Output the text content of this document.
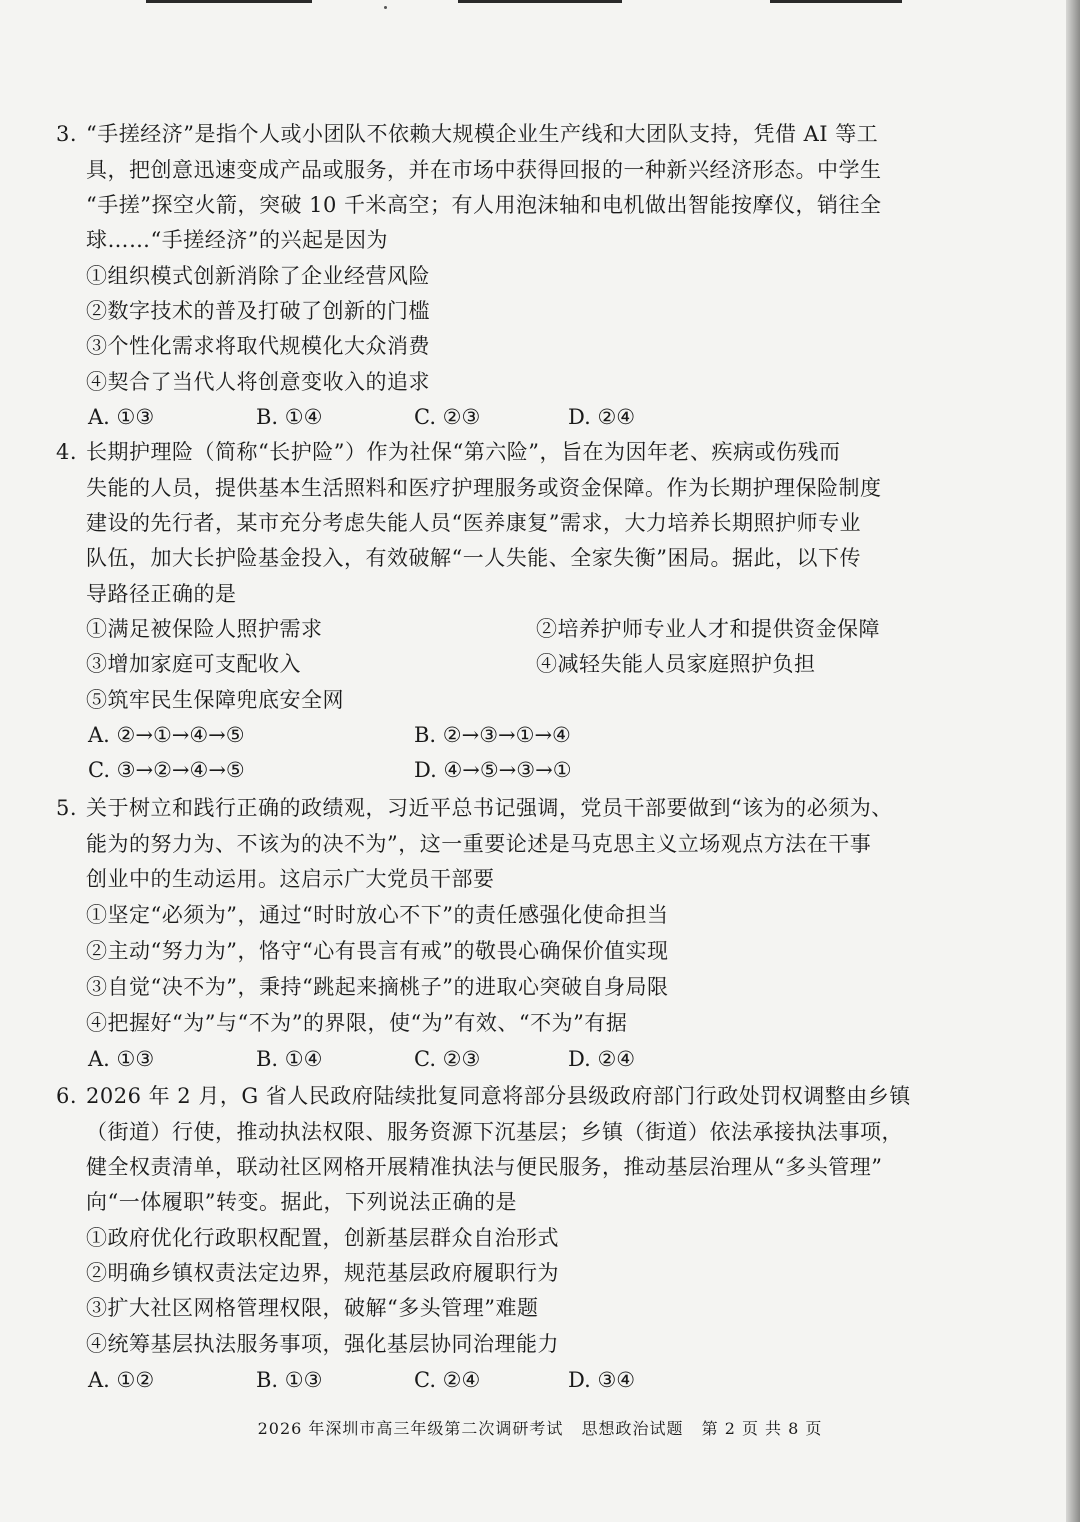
3. “手搓经济”是指个人或小团队不依赖大规模企业生产线和大团队支持，凭借 AI 等工
具，把创意迅速变成产品或服务，并在市场中获得回报的一种新兴经济形态。中学生
“手搓”探空火箭，突破 10 千米高空；有人用泡沫轴和电机做出智能按摩仪，销往全
球……“手搓经济”的兴起是因为
①组织模式创新消除了企业经营风险
②数字技术的普及打破了创新的门槛
③个性化需求将取代规模化大众消费
④契合了当代人将创意变收入的追求
A. ①③	B. ①④	C. ②③	D. ②④
4. 长期护理险（简称“长护险”）作为社保“第六险”，旨在为因年老、疾病或伤残而
失能的人员，提供基本生活照料和医疗护理服务或资金保障。作为长期护理保险制度
建设的先行者，某市充分考虑失能人员“医养康复”需求，大力培养长期照护师专业
队伍，加大长护险基金投入，有效破解“一人失能、全家失衡”困局。据此，以下传
导路径正确的是
①满足被保险人照护需求	②培养护师专业人才和提供资金保障
③增加家庭可支配收入	④减轻失能人员家庭照护负担
⑤筑牢民生保障兜底安全网
A. ②→①→④→⑤	B. ②→③→①→④
C. ③→②→④→⑤	D. ④→⑤→③→①
5. 关于树立和践行正确的政绩观，习近平总书记强调，党员干部要做到“该为的必须为、
能为的努力为、不该为的决不为”，这一重要论述是马克思主义立场观点方法在干事
创业中的生动运用。这启示广大党员干部要
①坚定“必须为”，通过“时时放心不下”的责任感强化使命担当
②主动“努力为”，恪守“心有畏言有戒”的敬畏心确保价值实现
③自觉“决不为”，秉持“跳起来摘桃子”的进取心突破自身局限
④把握好“为”与“不为”的界限，使“为”有效、“不为”有据
A. ①③	B. ①④	C. ②③	D. ②④
6. 2026 年 2 月，G 省人民政府陆续批复同意将部分县级政府部门行政处罚权调整由乡镇
（街道）行使，推动执法权限、服务资源下沉基层；乡镇（街道）依法承接执法事项，
健全权责清单，联动社区网格开展精准执法与便民服务，推动基层治理从“多头管理”
向“一体履职”转变。据此，下列说法正确的是
①政府优化行政职权配置，创新基层群众自治形式
②明确乡镇权责法定边界，规范基层政府履职行为
③扩大社区网格管理权限，破解“多头管理”难题
④统筹基层执法服务事项，强化基层协同治理能力
A. ①②	B. ①③	C. ②④	D. ③④
2026 年深圳市高三年级第二次调研考试 思想政治试题 第 2 页 共 8 页
